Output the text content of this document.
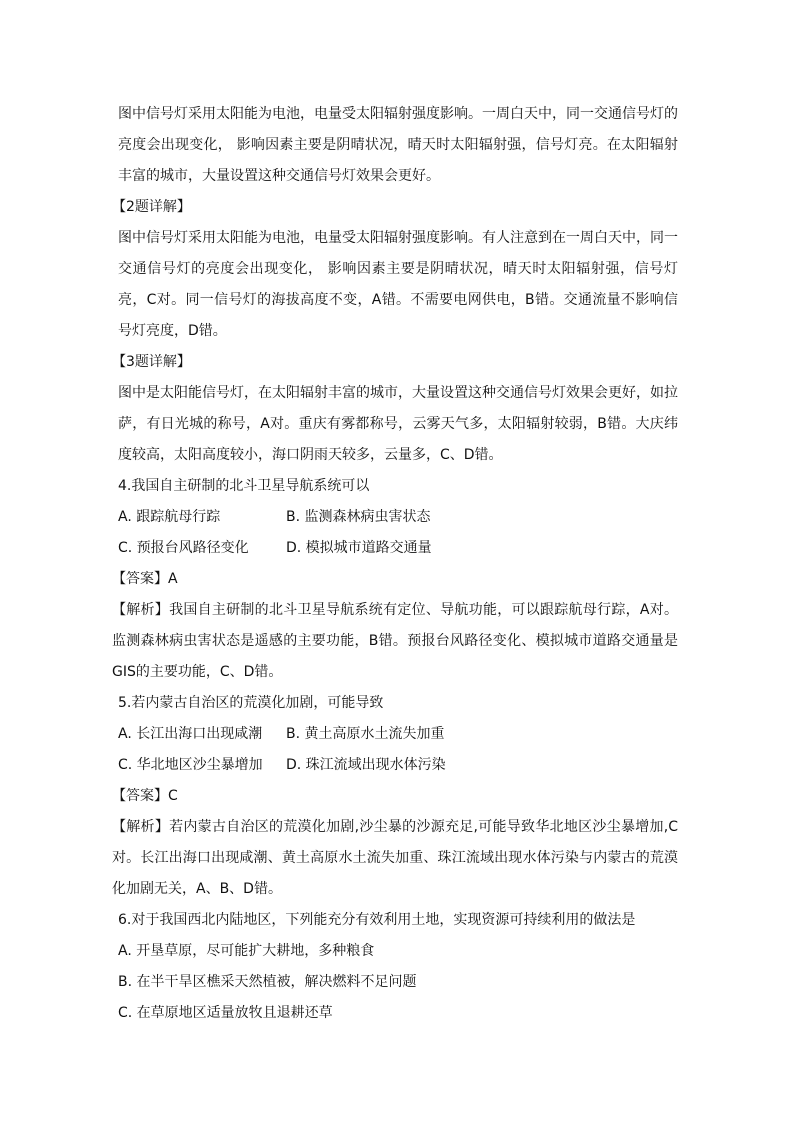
图中信号灯采用太阳能为电池，电量受太阳辐射强度影响。一周白天中，同一交通信号灯的亮度会出现变化， 影响因素主要是阴晴状况，晴天时太阳辐射强，信号灯亮。在太阳辐射丰富的城市，大量设置这种交通信号灯效果会更好。

【2题详解】

图中信号灯采用太阳能为电池，电量受太阳辐射强度影响。有人注意到在一周白天中，同一交通信号灯的亮度会出现变化， 影响因素主要是阴晴状况，晴天时太阳辐射强，信号灯亮，C对。同一信号灯的海拔高度不变，A错。不需要电网供电，B错。交通流量不影响信号灯亮度，D错。

【3题详解】

图中是太阳能信号灯，在太阳辐射丰富的城市，大量设置这种交通信号灯效果会更好，如拉萨，有日光城的称号，A对。重庆有雾都称号，云雾天气多，太阳辐射较弱，B错。大庆纬度较高，太阳高度较小，海口阴雨天较多，云量多，C、D错。

4.我国自主研制的北斗卫星导航系统可以

A. 跟踪航母行踪	B. 监测森林病虫害状态

C. 预报台风路径变化	D. 模拟城市道路交通量

【答案】A

【解析】我国自主研制的北斗卫星导航系统有定位、导航功能，可以跟踪航母行踪，A对。监测森林病虫害状态是遥感的主要功能，B错。预报台风路径变化、模拟城市道路交通量是GIS的主要功能，C、D错。

5.若内蒙古自治区的荒漠化加剧，可能导致

A. 长江出海口出现咸潮	B. 黄土高原水土流失加重

C. 华北地区沙尘暴增加	D. 珠江流域出现水体污染

【答案】C

【解析】若内蒙古自治区的荒漠化加剧,沙尘暴的沙源充足,可能导致华北地区沙尘暴增加,C对。长江出海口出现咸潮、黄土高原水土流失加重、珠江流域出现水体污染与内蒙古的荒漠化加剧无关，A、B、D错。

6.对于我国西北内陆地区，下列能充分有效利用土地，实现资源可持续利用的做法是

A. 开垦草原，尽可能扩大耕地，多种粮食

B. 在半干旱区樵采天然植被，解决燃料不足问题

C. 在草原地区适量放牧且退耕还草
